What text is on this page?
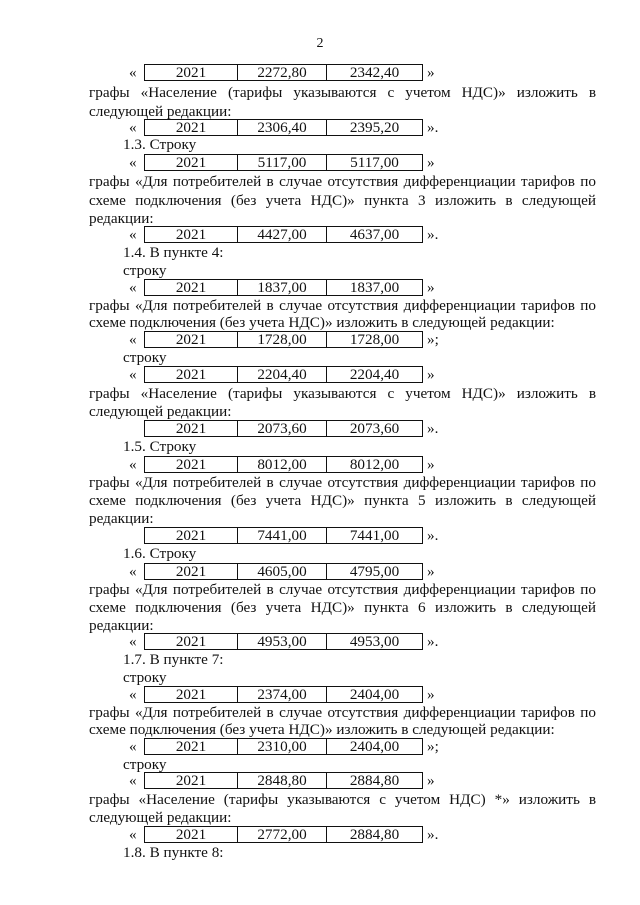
2
«	2021	2272,80	2342,40	»
графы «Население (тарифы указываются с учетом НДС)» изложить в
следующей редакции:
«	2021	2306,40	2395,20	».
1.3. Строку
«	2021	5117,00	5117,00	»
графы «Для потребителей в случае отсутствия дифференциации тарифов по
схеме подключения (без учета НДС)» пункта 3 изложить в следующей
редакции:
«	2021	4427,00	4637,00	».
1.4. В пункте 4:
строку
«	2021	1837,00	1837,00	»
графы «Для потребителей в случае отсутствия дифференциации тарифов по
схеме подключения (без учета НДС)» изложить в следующей редакции:
«	2021	1728,00	1728,00	»;
строку
«	2021	2204,40	2204,40	»
графы «Население (тарифы указываются с учетом НДС)» изложить в
следующей редакции:
2021	2073,60	2073,60	».
1.5. Строку
«	2021	8012,00	8012,00	»
графы «Для потребителей в случае отсутствия дифференциации тарифов по
схеме подключения (без учета НДС)» пункта 5 изложить в следующей
редакции:
2021	7441,00	7441,00	».
1.6. Строку
«	2021	4605,00	4795,00	»
графы «Для потребителей в случае отсутствия дифференциации тарифов по
схеме подключения (без учета НДС)» пункта 6 изложить в следующей
редакции:
«	2021	4953,00	4953,00	».
1.7. В пункте 7:
строку
«	2021	2374,00	2404,00	»
графы «Для потребителей в случае отсутствия дифференциации тарифов по
схеме подключения (без учета НДС)» изложить в следующей редакции:
«	2021	2310,00	2404,00	»;
строку
«	2021	2848,80	2884,80	»
графы «Население (тарифы указываются с учетом НДС) *» изложить в
следующей редакции:
«	2021	2772,00	2884,80	».
1.8. В пункте 8:
